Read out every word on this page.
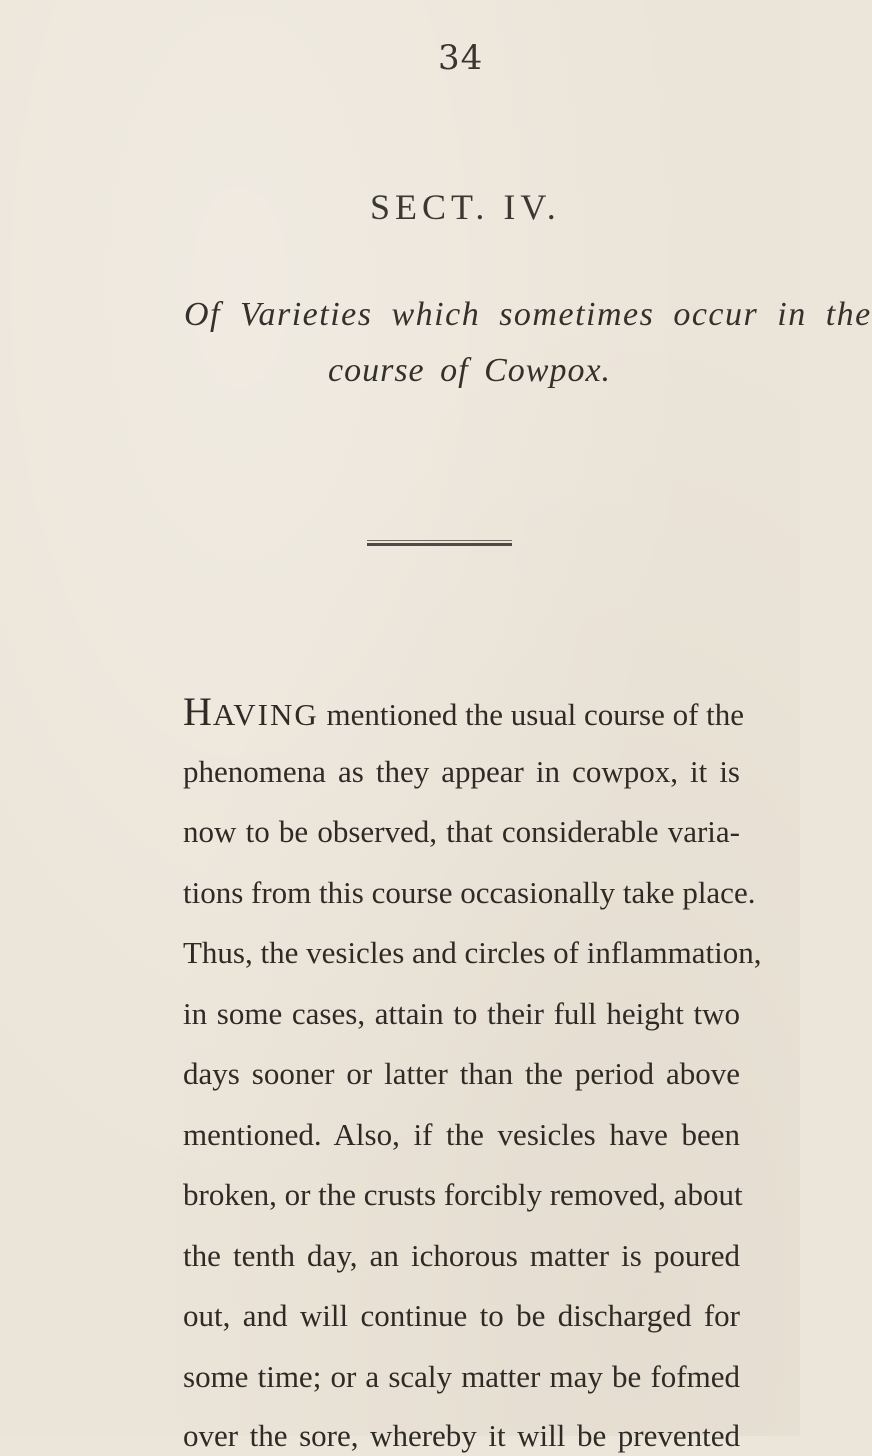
34
SECT. IV.
Of Varieties which sometimes occur in the
course of Cowpox.
HAVING mentioned the usual course of the
phenomena as they appear in cowpox, it is
now to be observed, that considerable varia-
tions from this course occasionally take place.
Thus, the vesicles and circles of inflammation,
in some cases, attain to their full height two
days sooner or latter than the period above
mentioned. Also, if the vesicles have been
broken, or the crusts forcibly removed, about
the tenth day, an ichorous matter is poured
out, and will continue to be discharged for
some time; or a scaly matter may be fofmed
over the sore, whereby it will be prevented
